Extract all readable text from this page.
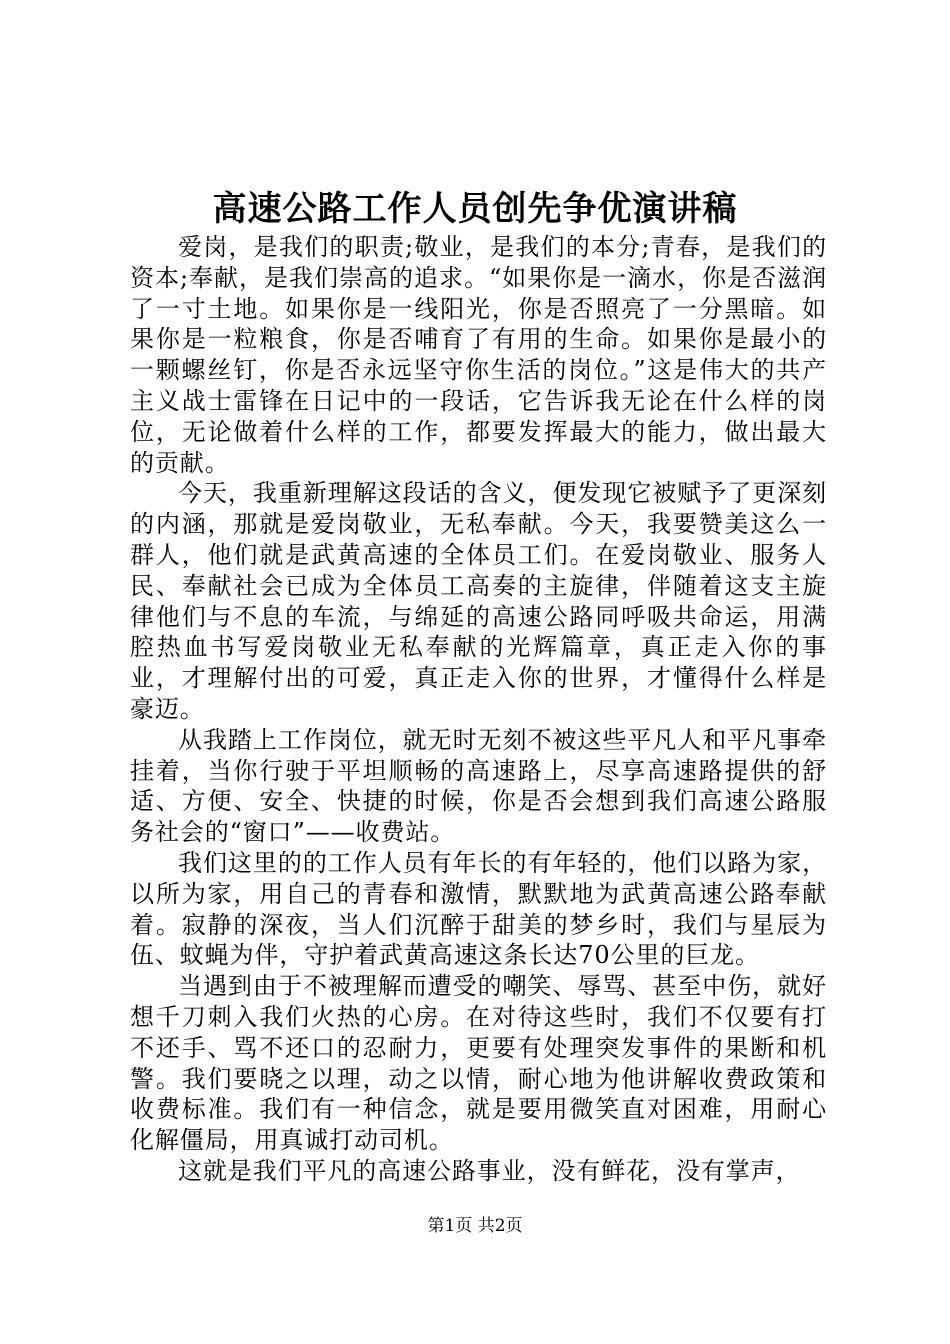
高速公路工作人员创先争优演讲稿

爱岗，是我们的职责;敬业，是我们的本分;青春，是我们的资本;奉献，是我们崇高的追求。“如果你是一滴水，你是否滋润了一寸土地。如果你是一线阳光，你是否照亮了一分黑暗。如果你是一粒粮食，你是否哺育了有用的生命。如果你是最小的一颗螺丝钉，你是否永远坚守你生活的岗位。”这是伟大的共产主义战士雷锋在日记中的一段话，它告诉我无论在什么样的岗位，无论做着什么样的工作，都要发挥最大的能力，做出最大的贡献。

今天，我重新理解这段话的含义，便发现它被赋予了更深刻的内涵，那就是爱岗敬业，无私奉献。今天，我要赞美这么一群人，他们就是武黄高速的全体员工们。在爱岗敬业、服务人民、奉献社会已成为全体员工高奏的主旋律，伴随着这支主旋律他们与不息的车流，与绵延的高速公路同呼吸共命运，用满腔热血书写爱岗敬业无私奉献的光辉篇章，真正走入你的事业，才理解付出的可爱，真正走入你的世界，才懂得什么样是豪迈。

从我踏上工作岗位，就无时无刻不被这些平凡人和平凡事牵挂着，当你行驶于平坦顺畅的高速路上，尽享高速路提供的舒适、方便、安全、快捷的时候，你是否会想到我们高速公路服务社会的“窗口”——收费站。

我们这里的的工作人员有年长的有年轻的，他们以路为家，以所为家，用自己的青春和激情，默默地为武黄高速公路奉献着。寂静的深夜，当人们沉醉于甜美的梦乡时，我们与星辰为伍、蚊蝇为伴，守护着武黄高速这条长达70公里的巨龙。

当遇到由于不被理解而遭受的嘲笑、辱骂、甚至中伤，就好想千刀刺入我们火热的心房。在对待这些时，我们不仅要有打不还手、骂不还口的忍耐力，更要有处理突发事件的果断和机警。我们要晓之以理，动之以情，耐心地为他讲解收费政策和收费标准。我们有一种信念，就是要用微笑直对困难，用耐心化解僵局，用真诚打动司机。

这就是我们平凡的高速公路事业，没有鲜花，没有掌声，

第1页 共2页
